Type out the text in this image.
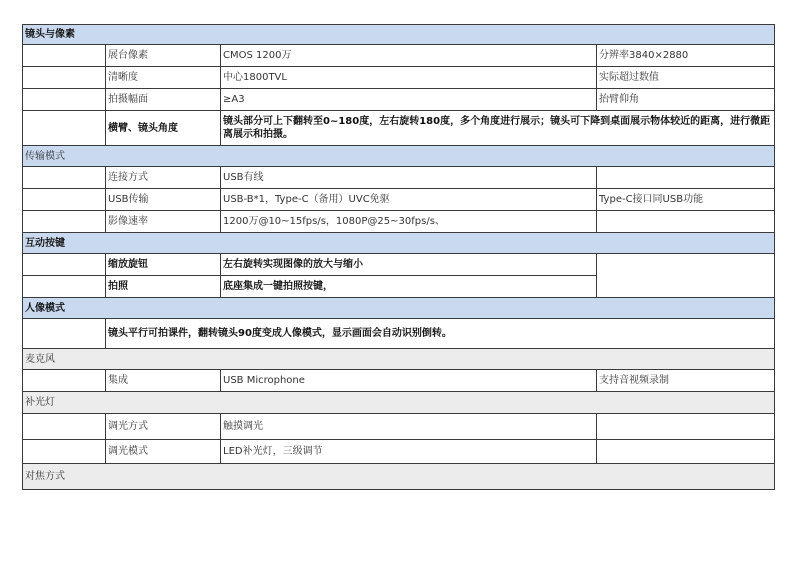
镜头与像素			
	展台像素	CMOS 1200万	分辨率3840×2880
	清晰度	中心1800TVL	实际超过数值
	拍摄幅面	≥A3	抬臂仰角
	横臂、镜头角度	镜头部分可上下翻转至0~180度，左右旋转180度，多个角度进行展示；镜头可下降到桌面展示物体较近的距离，进行微距离展示和拍摄。	
传输模式			
	连接方式	USB有线	
	USB传输	USB-B*1，Type-C（备用）UVC免驱	Type-C接口同USB功能
	影像速率	1200万@10~15fps/s，1080P@25~30fps/s、	
互动按键			
	缩放旋钮	左右旋转实现图像的放大与缩小	
	拍照	底座集成一键拍照按键，	
人像模式			
	镜头平行可拍课件，翻转镜头90度变成人像模式，显示画面会自动识别倒转。		
麦克风			
	集成	USB Microphone	支持音视频录制
补光灯			
	调光方式	触摸调光	
	调光模式	LED补光灯，三级调节	
对焦方式			
